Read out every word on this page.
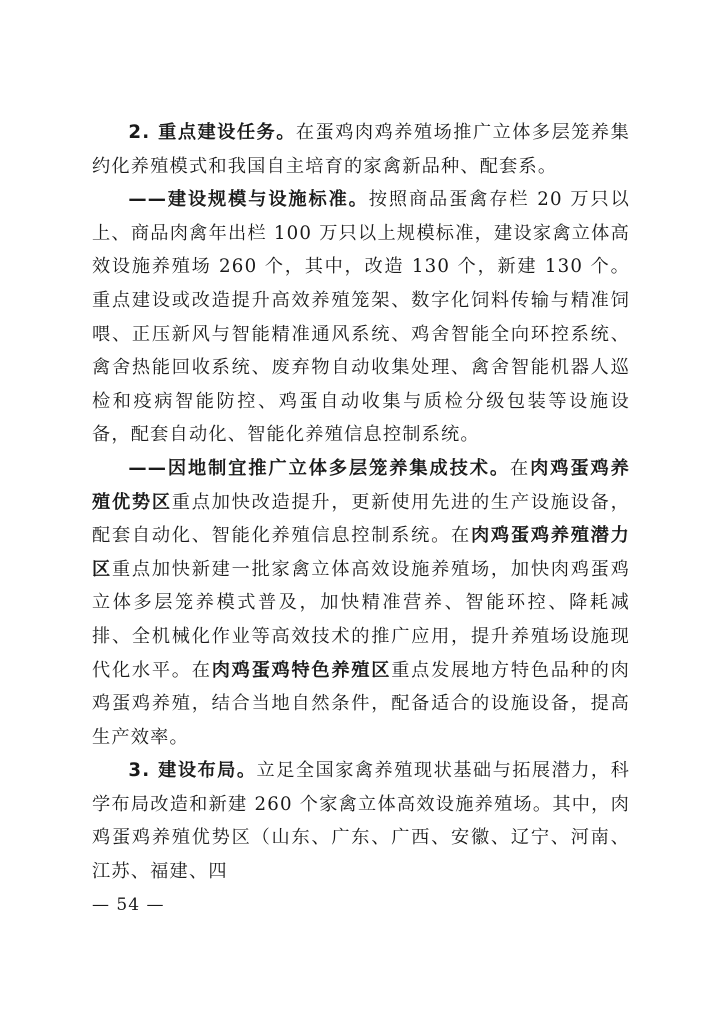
2. 重点建设任务。在蛋鸡肉鸡养殖场推广立体多层笼养集约化养殖模式和我国自主培育的家禽新品种、配套系。

——建设规模与设施标准。按照商品蛋禽存栏 20 万只以上、商品肉禽年出栏 100 万只以上规模标准，建设家禽立体高效设施养殖场 260 个，其中，改造 130 个，新建 130 个。重点建设或改造提升高效养殖笼架、数字化饲料传输与精准饲喂、正压新风与智能精准通风系统、鸡舍智能全向环控系统、禽舍热能回收系统、废弃物自动收集处理、禽舍智能机器人巡检和疫病智能防控、鸡蛋自动收集与质检分级包装等设施设备，配套自动化、智能化养殖信息控制系统。

——因地制宜推广立体多层笼养集成技术。在肉鸡蛋鸡养殖优势区重点加快改造提升，更新使用先进的生产设施设备，配套自动化、智能化养殖信息控制系统。在肉鸡蛋鸡养殖潜力区重点加快新建一批家禽立体高效设施养殖场，加快肉鸡蛋鸡立体多层笼养模式普及，加快精准营养、智能环控、降耗减排、全机械化作业等高效技术的推广应用，提升养殖场设施现代化水平。在肉鸡蛋鸡特色养殖区重点发展地方特色品种的肉鸡蛋鸡养殖，结合当地自然条件，配备适合的设施设备，提高生产效率。

3. 建设布局。立足全国家禽养殖现状基础与拓展潜力，科学布局改造和新建 260 个家禽立体高效设施养殖场。其中，肉鸡蛋鸡养殖优势区（山东、广东、广西、安徽、辽宁、河南、江苏、福建、四

— 54 —
